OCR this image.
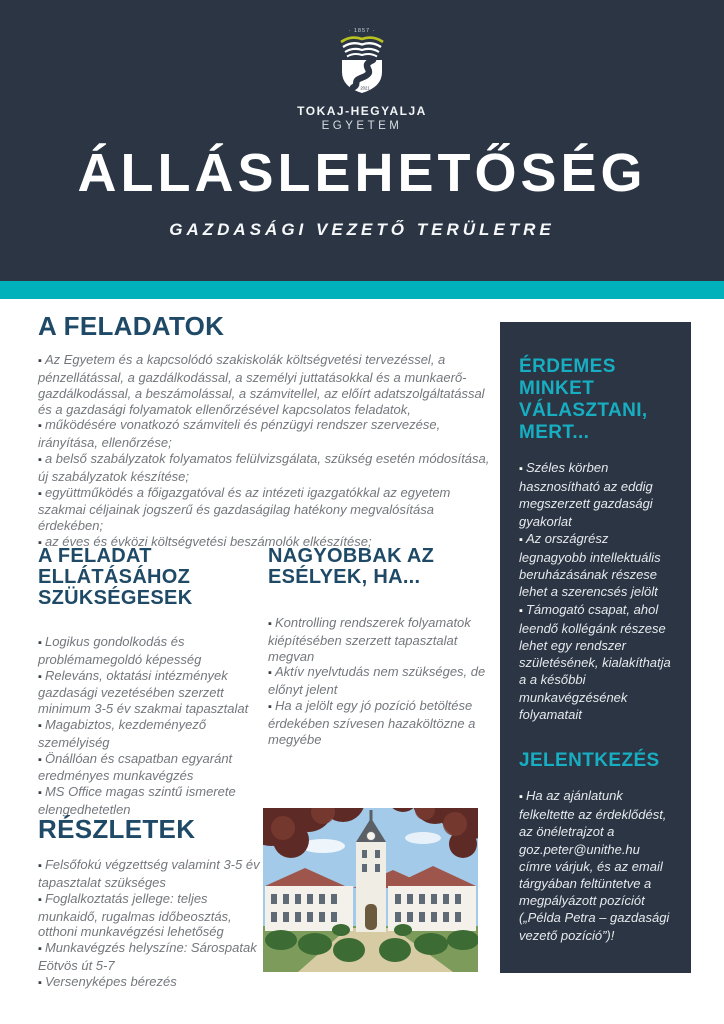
· 1857 ·
2021
TOKAJ-HEGYALJA
EGYETEM
ÁLLÁSLEHETŐSÉG
GAZDASÁGI VEZETŐ TERÜLETRE
A FELADATOK
▪ Az Egyetem és a kapcsolódó szakiskolák költségvetési tervezéssel, a pénzellátással, a gazdálkodással, a személyi juttatásokkal és a munkaerő-gazdálkodással, a beszámolással, a számvitellel, az előírt adatszolgáltatással és a gazdasági folyamatok ellenőrzésével kapcsolatos feladatok,
▪ működésére vonatkozó számviteli és pénzügyi rendszer szervezése, irányítása, ellenőrzése;
▪ a belső szabályzatok folyamatos felülvizsgálata, szükség esetén módosítása, új szabályzatok készítése;
▪ együttműködés a főigazgatóval és az intézeti igazgatókkal az egyetem szakmai céljainak jogszerű és gazdaságilag hatékony megvalósítása érdekében;
▪ az éves és évközi költségvetési beszámolók elkészítése;
A FELADAT ELLÁTÁSÁHOZ SZÜKSÉGESEK
▪ Logikus gondolkodás és problémamegoldó képesség
▪ Releváns, oktatási intézmények gazdasági vezetésében szerzett minimum 3-5 év szakmai tapasztalat
▪ Magabiztos, kezdeményező személyiség
▪ Önállóan és csapatban egyaránt eredményes munkavégzés
▪ MS Office magas szintű ismerete elengedhetetlen
NAGYOBBAK AZ ESÉLYEK, HA...
▪ Kontrolling rendszerek folyamatok kiépítésében szerzett tapasztalat megvan
▪ Aktív nyelvtudás nem szükséges, de előnyt jelent
▪ Ha a jelölt egy jó pozíció betöltése érdekében szívesen hazaköltözne a megyébe
RÉSZLETEK
▪ Felsőfokú végzettség valamint 3-5 év tapasztalat szükséges
▪ Foglalkoztatás jellege: teljes munkaidő, rugalmas időbeosztás, otthoni munkavégzési lehetőség
▪ Munkavégzés helyszíne: Sárospatak Eötvös út 5-7
▪ Versenyképes bérezés
ÉRDEMES MINKET VÁLASZTANI, MERT...
▪ Széles körben hasznosítható az eddig megszerzett gazdasági gyakorlat
▪ Az országrész legnagyobb intellektuális beruházásának részese lehet a szerencsés jelölt
▪ Támogató csapat, ahol leendő kollégánk részese lehet egy rendszer születésének, kialakíthatja a a későbbi munkavégzésének folyamatait
JELENTKEZÉS
▪ Ha az ajánlatunk felkeltette az érdeklődést, az önéletrajzot a goz.peter@unithe.hu címre várjuk, és az email tárgyában feltüntetve a megpályázott pozíciót („Példa Petra – gazdasági vezető pozíció”)!
